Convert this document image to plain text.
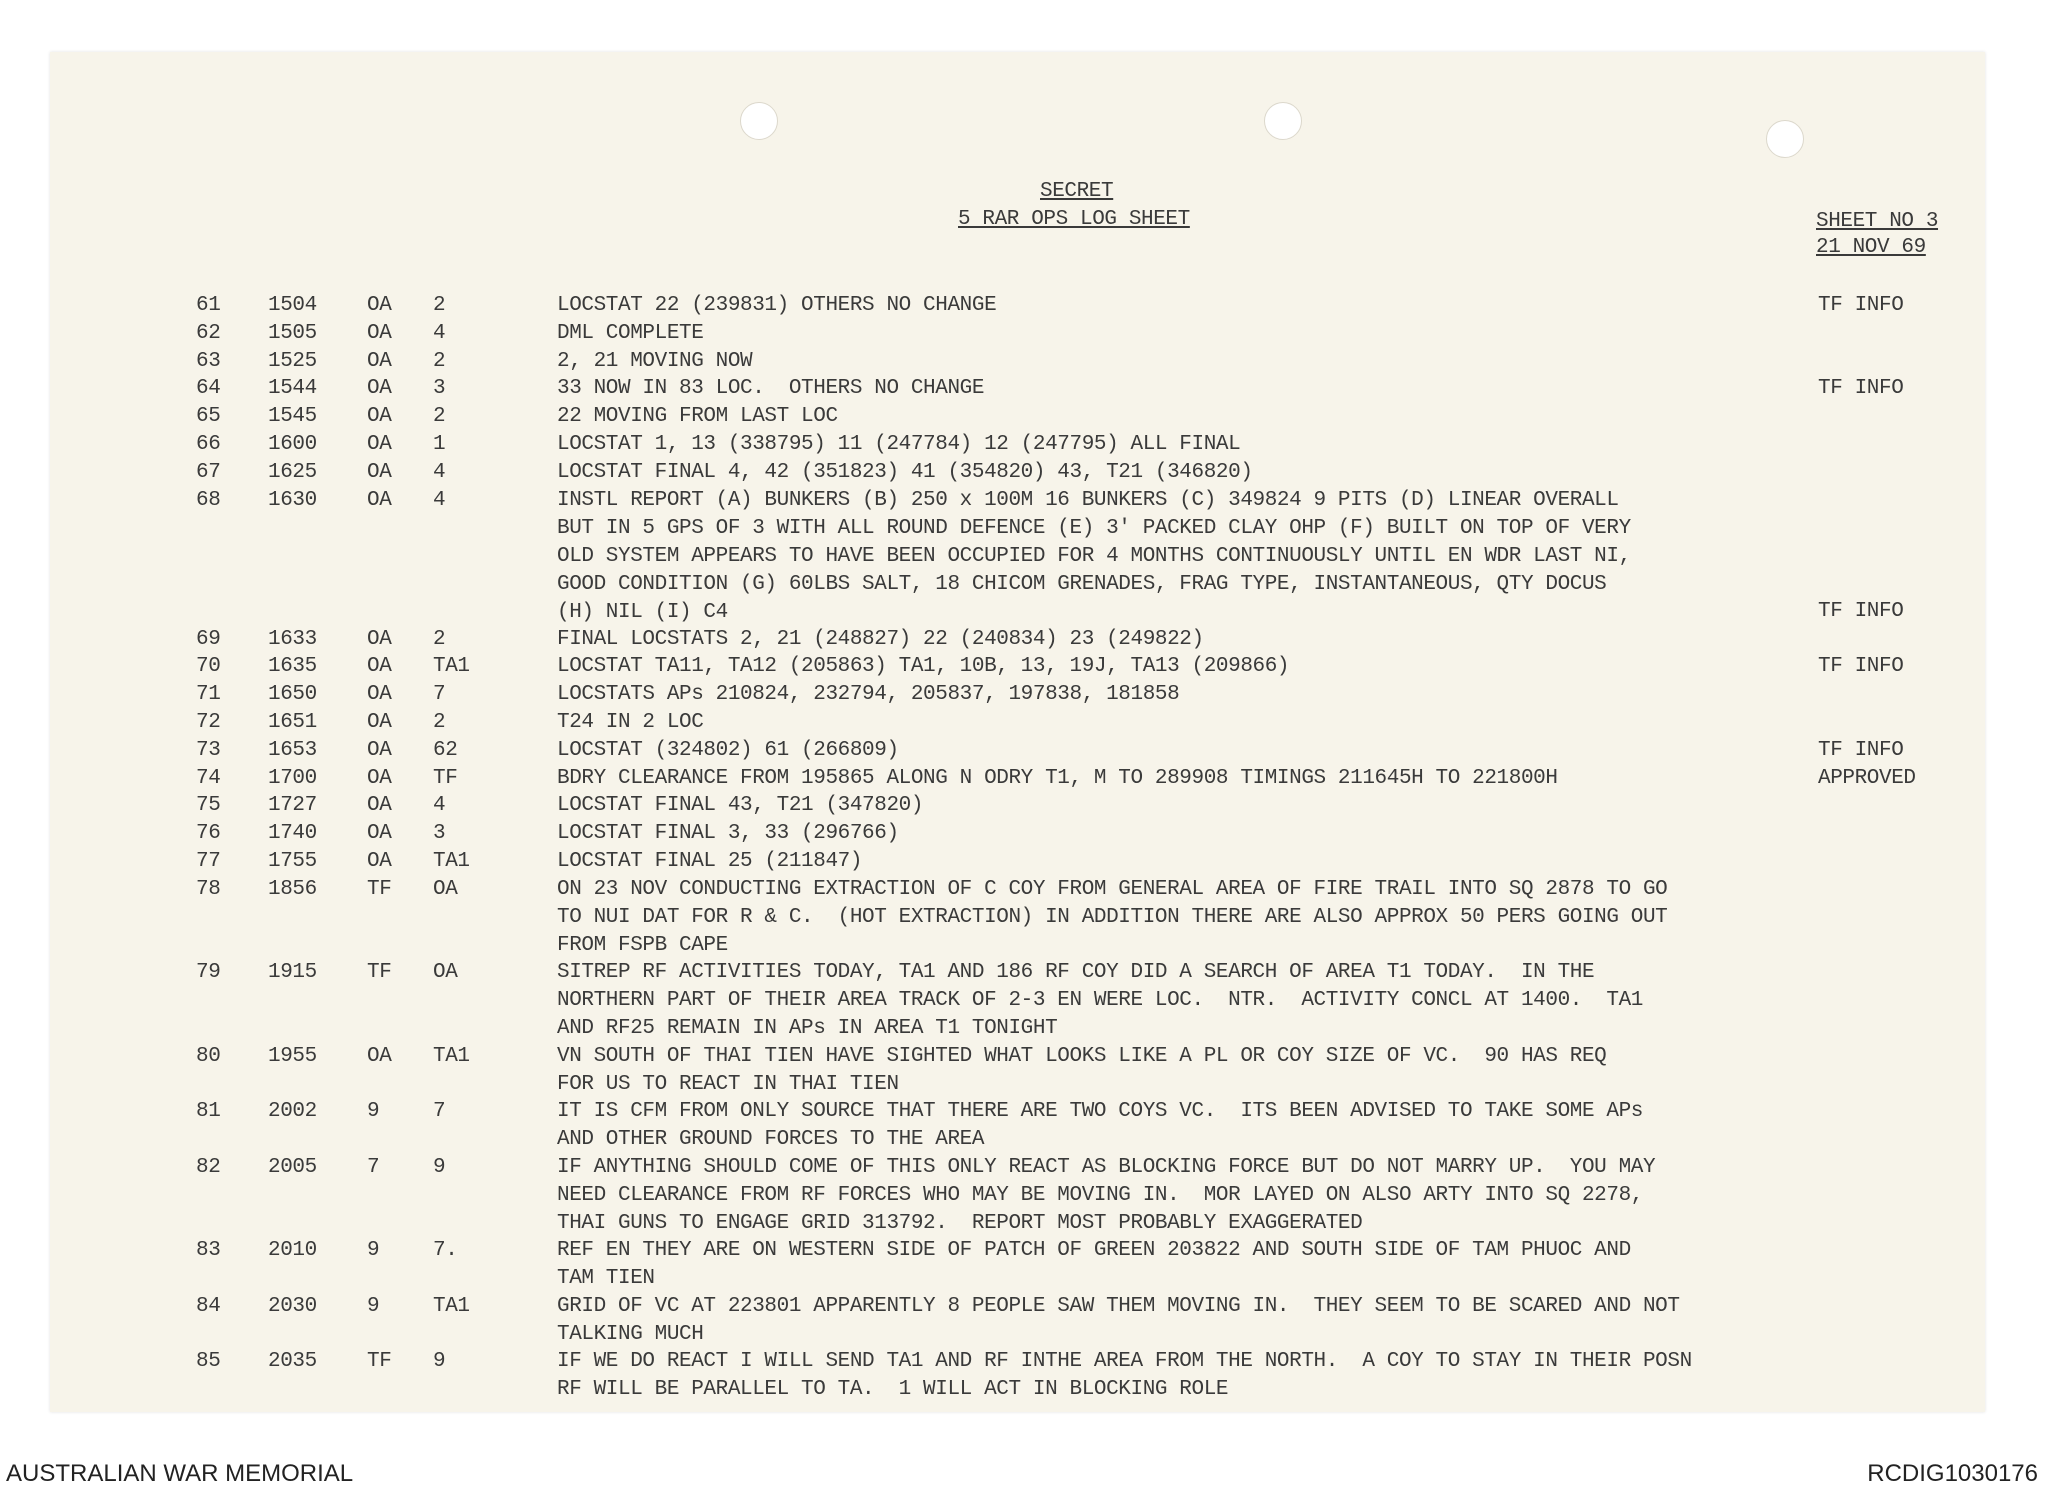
SECRET
5 RAR OPS LOG SHEET	SHEET NO 3
21 NOV 69
61 1504 OA 2	LOCSTAT 22 (239831) OTHERS NO CHANGE	TF INFO
62 1505 OA 4	DML COMPLETE
63 1525 OA 2	2, 21 MOVING NOW
64 1544 OA 3	33 NOW IN 83 LOC.  OTHERS NO CHANGE	TF INFO
65 1545 OA 2	22 MOVING FROM LAST LOC
66 1600 OA 1	LOCSTAT 1, 13 (338795) 11 (247784) 12 (247795) ALL FINAL
67 1625 OA 4	LOCSTAT FINAL 4, 42 (351823) 41 (354820) 43, T21 (346820)
68 1630 OA 4	INSTL REPORT (A) BUNKERS (B) 250 x 100M 16 BUNKERS (C) 349824 9 PITS (D) LINEAR OVERALL
BUT IN 5 GPS OF 3 WITH ALL ROUND DEFENCE (E) 3' PACKED CLAY OHP (F) BUILT ON TOP OF VERY
OLD SYSTEM APPEARS TO HAVE BEEN OCCUPIED FOR 4 MONTHS CONTINUOUSLY UNTIL EN WDR LAST NI,
GOOD CONDITION (G) 60LBS SALT, 18 CHICOM GRENADES, FRAG TYPE, INSTANTANEOUS, QTY DOCUS
(H) NIL (I) C4	TF INFO
69 1633 OA 2	FINAL LOCSTATS 2, 21 (248827) 22 (240834) 23 (249822)
70 1635 OA TA1	LOCSTAT TA11, TA12 (205863) TA1, 10B, 13, 19J, TA13 (209866)	TF INFO
71 1650 OA 7	LOCSTATS APs 210824, 232794, 205837, 197838, 181858
72 1651 OA 2	T24 IN 2 LOC
73 1653 OA 62	LOCSTAT (324802) 61 (266809)	TF INFO
74 1700 OA TF	BDRY CLEARANCE FROM 195865 ALONG N ODRY T1, M TO 289908 TIMINGS 211645H TO 221800H	APPROVED
75 1727 OA 4	LOCSTAT FINAL 43, T21 (347820)
76 1740 OA 3	LOCSTAT FINAL 3, 33 (296766)
77 1755 OA TA1	LOCSTAT FINAL 25 (211847)
78 1856 TF OA	ON 23 NOV CONDUCTING EXTRACTION OF C COY FROM GENERAL AREA OF FIRE TRAIL INTO SQ 2878 TO GO
TO NUI DAT FOR R & C.  (HOT EXTRACTION) IN ADDITION THERE ARE ALSO APPROX 50 PERS GOING OUT
FROM FSPB CAPE
79 1915 TF OA	SITREP RF ACTIVITIES TODAY, TA1 AND 186 RF COY DID A SEARCH OF AREA T1 TODAY.  IN THE
NORTHERN PART OF THEIR AREA TRACK OF 2-3 EN WERE LOC.  NTR.  ACTIVITY CONCL AT 1400.  TA1
AND RF25 REMAIN IN APs IN AREA T1 TONIGHT
80 1955 OA TA1	VN SOUTH OF THAI TIEN HAVE SIGHTED WHAT LOOKS LIKE A PL OR COY SIZE OF VC.  90 HAS REQ
FOR US TO REACT IN THAI TIEN
81 2002 9	7	IT IS CFM FROM ONLY SOURCE THAT THERE ARE TWO COYS VC.  ITS BEEN ADVISED TO TAKE SOME APs
AND OTHER GROUND FORCES TO THE AREA
82 2005 7	9	IF ANYTHING SHOULD COME OF THIS ONLY REACT AS BLOCKING FORCE BUT DO NOT MARRY UP.  YOU MAY
NEED CLEARANCE FROM RF FORCES WHO MAY BE MOVING IN.  MOR LAYED ON ALSO ARTY INTO SQ 2278,
THAI GUNS TO ENGAGE GRID 313792.  REPORT MOST PROBABLY EXAGGERATED
83 2010 9	7.	REF EN THEY ARE ON WESTERN SIDE OF PATCH OF GREEN 203822 AND SOUTH SIDE OF TAM PHUOC AND
TAM TIEN
84 2030 9	TA1	GRID OF VC AT 223801 APPARENTLY 8 PEOPLE SAW THEM MOVING IN.  THEY SEEM TO BE SCARED AND NOT
TALKING MUCH
85 2035 TF 9	IF WE DO REACT I WILL SEND TA1 AND RF INTHE AREA FROM THE NORTH.  A COY TO STAY IN THEIR POSN
RF WILL BE PARALLEL TO TA.  1 WILL ACT IN BLOCKING ROLE
AUSTRALIAN WAR MEMORIAL	RCDIG1030176
